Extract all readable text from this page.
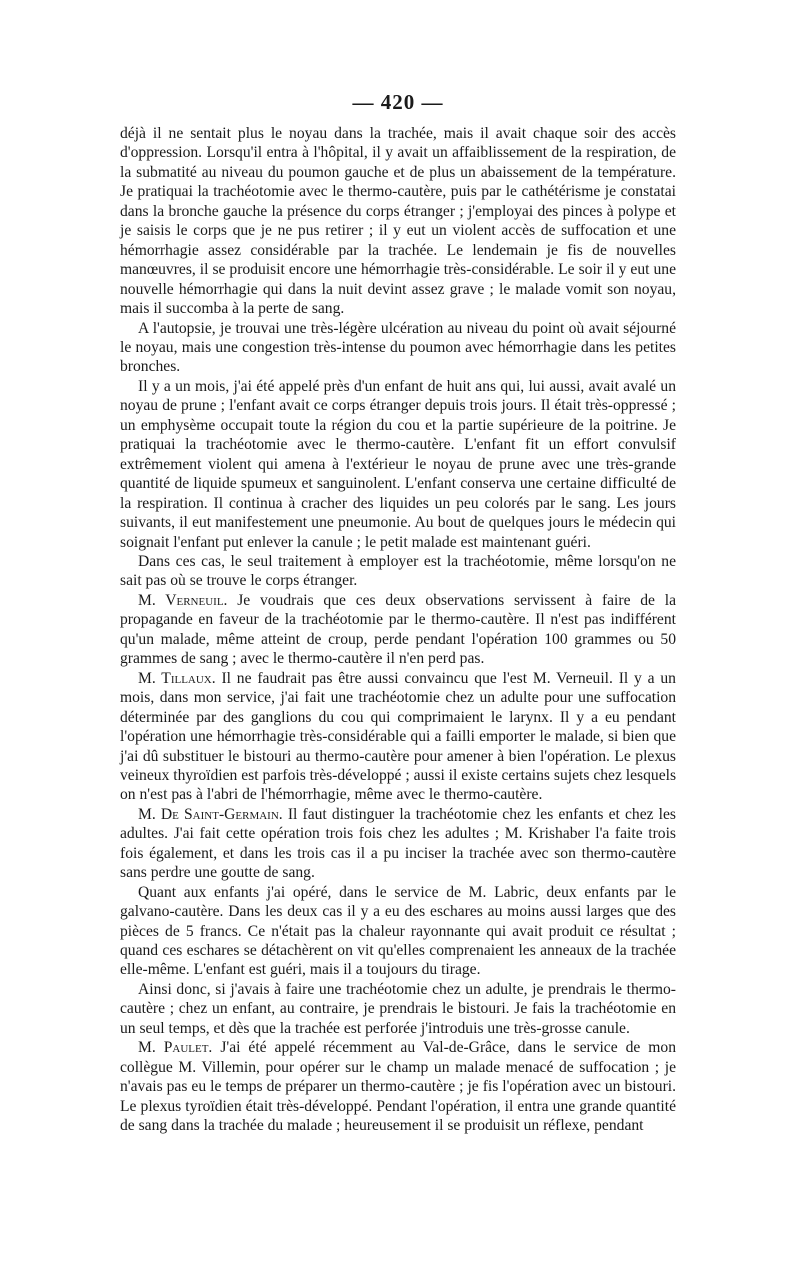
— 420 —

déjà il ne sentait plus le noyau dans la trachée, mais il avait chaque soir des accès d'oppression. Lorsqu'il entra à l'hôpital, il y avait un affaiblissement de la respiration, de la submatité au niveau du poumon gauche et de plus un abaissement de la température. Je pratiquai la trachéotomie avec le thermo-cautère, puis par le cathétérisme je constatai dans la bronche gauche la présence du corps étranger ; j'employai des pinces à polype et je saisis le corps que je ne pus retirer ; il y eut un violent accès de suffocation et une hémorrhagie assez considérable par la trachée. Le lendemain je fis de nouvelles manœuvres, il se produisit encore une hémorrhagie très-considérable. Le soir il y eut une nouvelle hémorrhagie qui dans la nuit devint assez grave ; le malade vomit son noyau, mais il succomba à la perte de sang.

A l'autopsie, je trouvai une très-légère ulcération au niveau du point où avait séjourné le noyau, mais une congestion très-intense du poumon avec hémorrhagie dans les petites bronches.

Il y a un mois, j'ai été appelé près d'un enfant de huit ans qui, lui aussi, avait avalé un noyau de prune ; l'enfant avait ce corps étranger depuis trois jours. Il était très-oppressé ; un emphysème occupait toute la région du cou et la partie supérieure de la poitrine. Je pratiquai la trachéotomie avec le thermo-cautère. L'enfant fit un effort convulsif extrêmement violent qui amena à l'extérieur le noyau de prune avec une très-grande quantité de liquide spumeux et sanguinolent. L'enfant conserva une certaine difficulté de la respiration. Il continua à cracher des liquides un peu colorés par le sang. Les jours suivants, il eut manifestement une pneumonie. Au bout de quelques jours le médecin qui soignait l'enfant put enlever la canule ; le petit malade est maintenant guéri.

Dans ces cas, le seul traitement à employer est la trachéotomie, même lorsqu'on ne sait pas où se trouve le corps étranger.

M. Verneuil. Je voudrais que ces deux observations servissent à faire de la propagande en faveur de la trachéotomie par le thermo-cautère. Il n'est pas indifférent qu'un malade, même atteint de croup, perde pendant l'opération 100 grammes ou 50 grammes de sang ; avec le thermo-cautère il n'en perd pas.

M. Tillaux. Il ne faudrait pas être aussi convaincu que l'est M. Verneuil. Il y a un mois, dans mon service, j'ai fait une trachéotomie chez un adulte pour une suffocation déterminée par des ganglions du cou qui comprimaient le larynx. Il y a eu pendant l'opération une hémorrhagie très-considérable qui a failli emporter le malade, si bien que j'ai dû substituer le bistouri au thermo-cautère pour amener à bien l'opération. Le plexus veineux thyroïdien est parfois très-développé ; aussi il existe certains sujets chez lesquels on n'est pas à l'abri de l'hémorrhagie, même avec le thermo-cautère.

M. De Saint-Germain. Il faut distinguer la trachéotomie chez les enfants et chez les adultes. J'ai fait cette opération trois fois chez les adultes ; M. Krishaber l'a faite trois fois également, et dans les trois cas il a pu inciser la trachée avec son thermo-cautère sans perdre une goutte de sang.

Quant aux enfants j'ai opéré, dans le service de M. Labric, deux enfants par le galvano-cautère. Dans les deux cas il y a eu des eschares au moins aussi larges que des pièces de 5 francs. Ce n'était pas la chaleur rayonnante qui avait produit ce résultat ; quand ces eschares se détachèrent on vit qu'elles comprenaient les anneaux de la trachée elle-même. L'enfant est guéri, mais il a toujours du tirage.

Ainsi donc, si j'avais à faire une trachéotomie chez un adulte, je prendrais le thermo-cautère ; chez un enfant, au contraire, je prendrais le bistouri. Je fais la trachéotomie en un seul temps, et dès que la trachée est perforée j'introduis une très-grosse canule.

M. Paulet. J'ai été appelé récemment au Val-de-Grâce, dans le service de mon collègue M. Villemin, pour opérer sur le champ un malade menacé de suffocation ; je n'avais pas eu le temps de préparer un thermo-cautère ; je fis l'opération avec un bistouri. Le plexus tyroïdien était très-développé. Pendant l'opération, il entra une grande quantité de sang dans la trachée du malade ; heureusement il se produisit un réflexe, pendant
